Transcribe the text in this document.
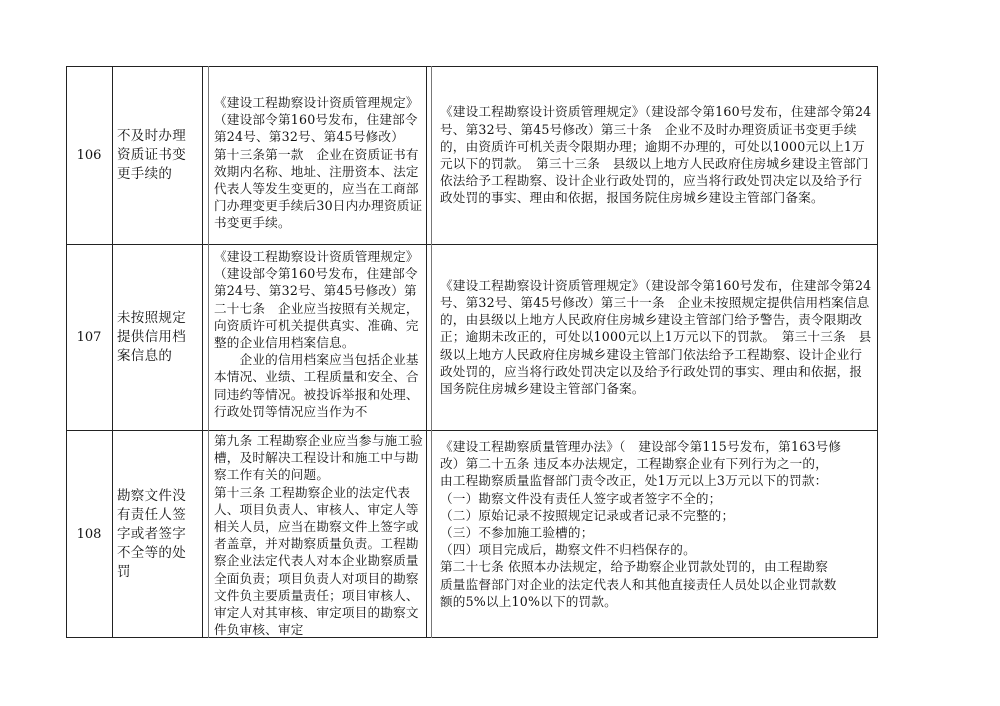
106
不及时办理资质证书变更手续的

《建设工程勘察设计资质管理规定》（建设部令第160号发布，住建部令第24号、第32号、第45号修改）　　第十三条第一款　企业在资质证书有效期内名称、地址、注册资本、法定代表人等发生变更的，应当在工商部门办理变更手续后30日内办理资质证书变更手续。

《建设工程勘察设计资质管理规定》（建设部令第160号发布，住建部令第24号、第32号、第45号修改）第三十条　企业不及时办理资质证书变更手续的，由资质许可机关责令限期办理；逾期不办理的，可处以1000元以上1万元以下的罚款。　第三十三条　县级以上地方人民政府住房城乡建设主管部门依法给予工程勘察、设计企业行政处罚的，应当将行政处罚决定以及给予行政处罚的事实、理由和依据，报国务院住房城乡建设主管部门备案。

107
未按照规定提供信用档案信息的

《建设工程勘察设计资质管理规定》（建设部令第160号发布，住建部令第24号、第32号、第45号修改）第二十七条　企业应当按照有关规定，向资质许可机关提供真实、准确、完整的企业信用档案信息。
　　企业的信用档案应当包括企业基本情况、业绩、工程质量和安全、合同违约等情况。被投诉举报和处理、行政处罚等情况应当作为不

《建设工程勘察设计资质管理规定》（建设部令第160号发布，住建部令第24号、第32号、第45号修改）第三十一条　企业未按照规定提供信用档案信息的，由县级以上地方人民政府住房城乡建设主管部门给予警告，责令限期改正；逾期未改正的，可处以1000元以上1万元以下的罚款。　第三十三条　县级以上地方人民政府住房城乡建设主管部门依法给予工程勘察、设计企业行政处罚的，应当将行政处罚决定以及给予行政处罚的事实、理由和依据，报国务院住房城乡建设主管部门备案。

108
勘察文件没有责任人签字或者签字不全等的处罚

第九条 工程勘察企业应当参与施工验槽，及时解决工程设计和施工中与勘察工作有关的问题。
第十三条 工程勘察企业的法定代表人、项目负责人、审核人、审定人等相关人员，应当在勘察文件上签字或者盖章，并对勘察质量负责。工程勘察企业法定代表人对本企业勘察质量全面负责；项目负责人对项目的勘察文件负主要质量责任；项目审核人、审定人对其审核、审定项目的勘察文件负审核、审定

《建设工程勘察质量管理办法》（　建设部令第115号发布，第163号修
改）第二十五条 违反本办法规定，工程勘察企业有下列行为之一的，
由工程勘察质量监督部门责令改正，处1万元以上3万元以下的罚款：
（一）勘察文件没有责任人签字或者签字不全的；
（二）原始记录不按照规定记录或者记录不完整的；
（三）不参加施工验槽的；
（四）项目完成后，勘察文件不归档保存的。
第二十七条 依照本办法规定，给予勘察企业罚款处罚的，由工程勘察
质量监督部门对企业的法定代表人和其他直接责任人员处以企业罚款数
额的5%以上10%以下的罚款。
